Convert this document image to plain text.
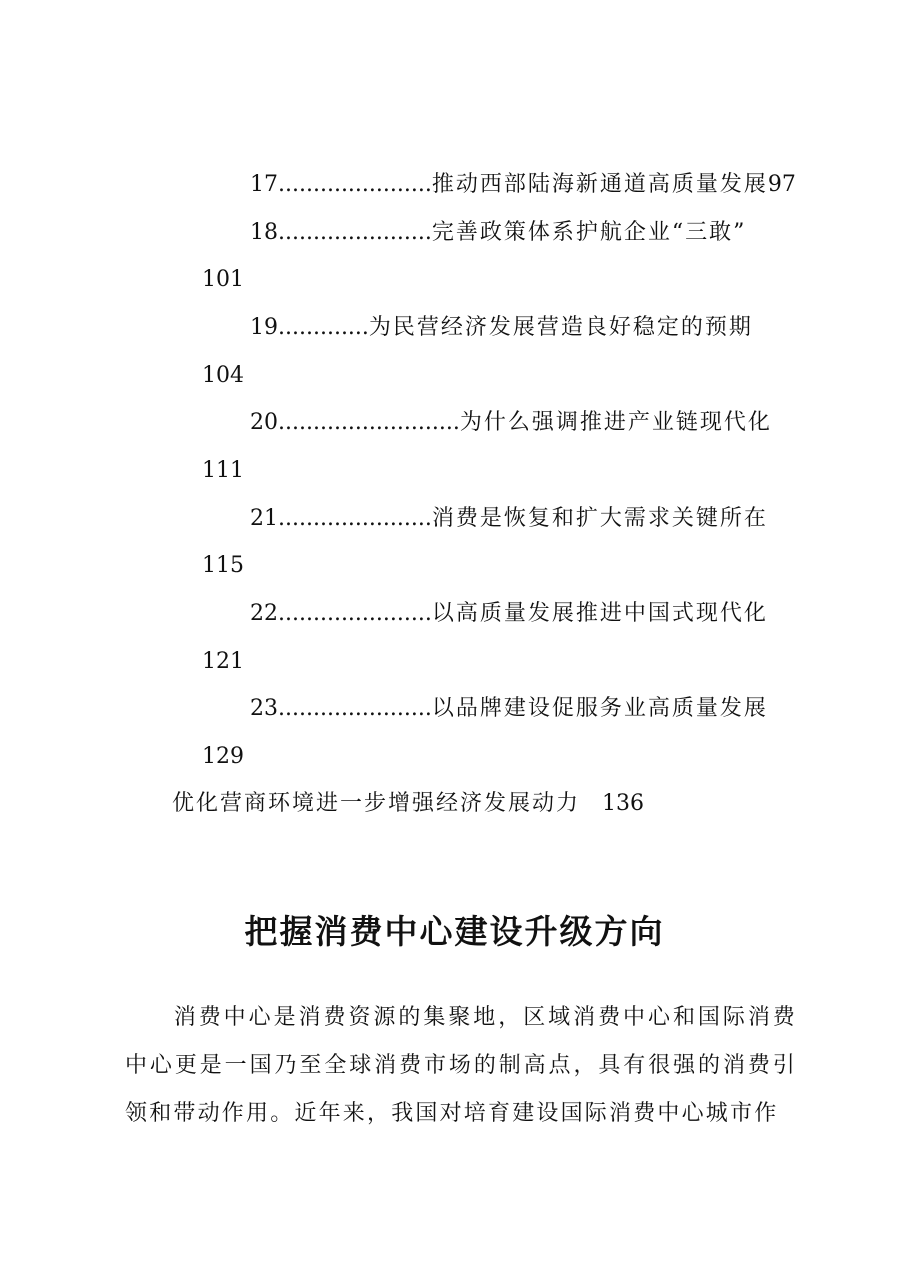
17......................推动西部陆海新通道高质量发展97
18......................完善政策体系护航企业“三敢”
101
19.............为民营经济发展营造良好稳定的预期
104
20..........................为什么强调推进产业链现代化
111
21......................消费是恢复和扩大需求关键所在
115
22......................以高质量发展推进中国式现代化
121
23......................以品牌建设促服务业高质量发展
129
优化营商环境进一步增强经济发展动力 136
把握消费中心建设升级方向
消费中心是消费资源的集聚地，区域消费中心和国际消费中心更是一国乃至全球消费市场的制高点，具有很强的消费引领和带动作用。近年来，我国对培育建设国际消费中心城市作
